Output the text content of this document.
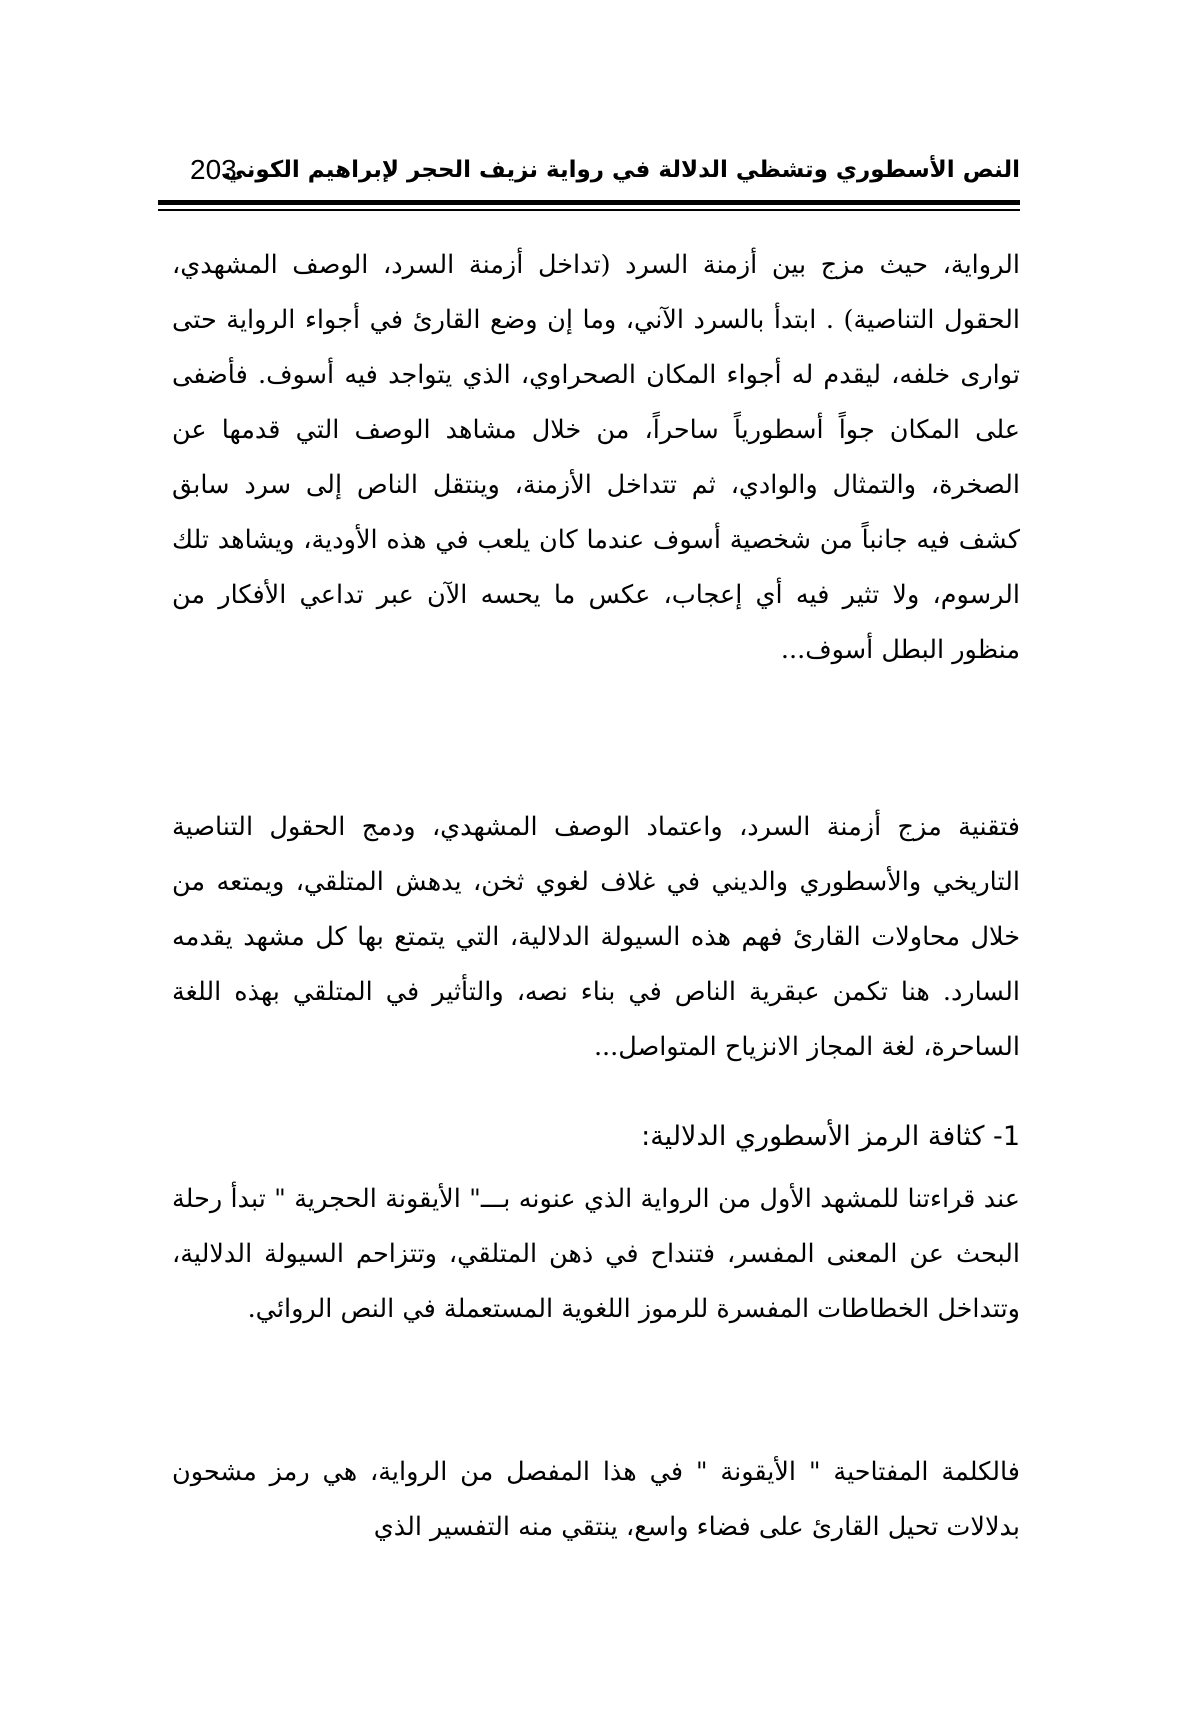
النص الأسطوري وتشظي الدلالة في رواية نزيف الحجر لإبراهيم الكوني
203

الرواية، حيث مزج بين أزمنة السرد (تداخل أزمنة السرد، الوصف المشهدي، الحقول التناصية) . ابتدأ بالسرد الآني، وما إن وضع القارئ في أجواء الرواية حتى توارى خلفه، ليقدم له أجواء المكان الصحراوي، الذي يتواجد فيه أسوف. فأضفى على المكان جواً أسطورياً ساحراً، من خلال مشاهد الوصف التي قدمها عن الصخرة، والتمثال والوادي، ثم تتداخل الأزمنة، وينتقل الناص إلى سرد سابق كشف فيه جانباً من شخصية أسوف عندما كان يلعب في هذه الأودية، ويشاهد تلك الرسوم، ولا تثير فيه أي إعجاب، عكس ما يحسه الآن عبر تداعي الأفكار من منظور البطل أسوف...

فتقنية مزج أزمنة السرد، واعتماد الوصف المشهدي، ودمج الحقول التناصية التاريخي والأسطوري والديني في غلاف لغوي ثخن، يدهش المتلقي، ويمتعه من خلال محاولات القارئ فهم هذه السيولة الدلالية، التي يتمتع بها كل مشهد يقدمه السارد. هنا تكمن عبقرية الناص في بناء نصه، والتأثير في المتلقي بهذه اللغة الساحرة، لغة المجاز الانزياح المتواصل...

1- كثافة الرمز الأسطوري الدلالية:

عند قراءتنا للمشهد الأول من الرواية الذي عنونه بـــ" الأيقونة الحجرية " تبدأ رحلة البحث عن المعنى المفسر، فتنداح في ذهن المتلقي، وتتزاحم السيولة الدلالية، وتتداخل الخطاطات المفسرة للرموز اللغوية المستعملة في النص الروائي.

فالكلمة المفتاحية " الأيقونة " في هذا المفصل من الرواية، هي رمز مشحون بدلالات تحيل القارئ على فضاء واسع، ينتقي منه التفسير الذي
